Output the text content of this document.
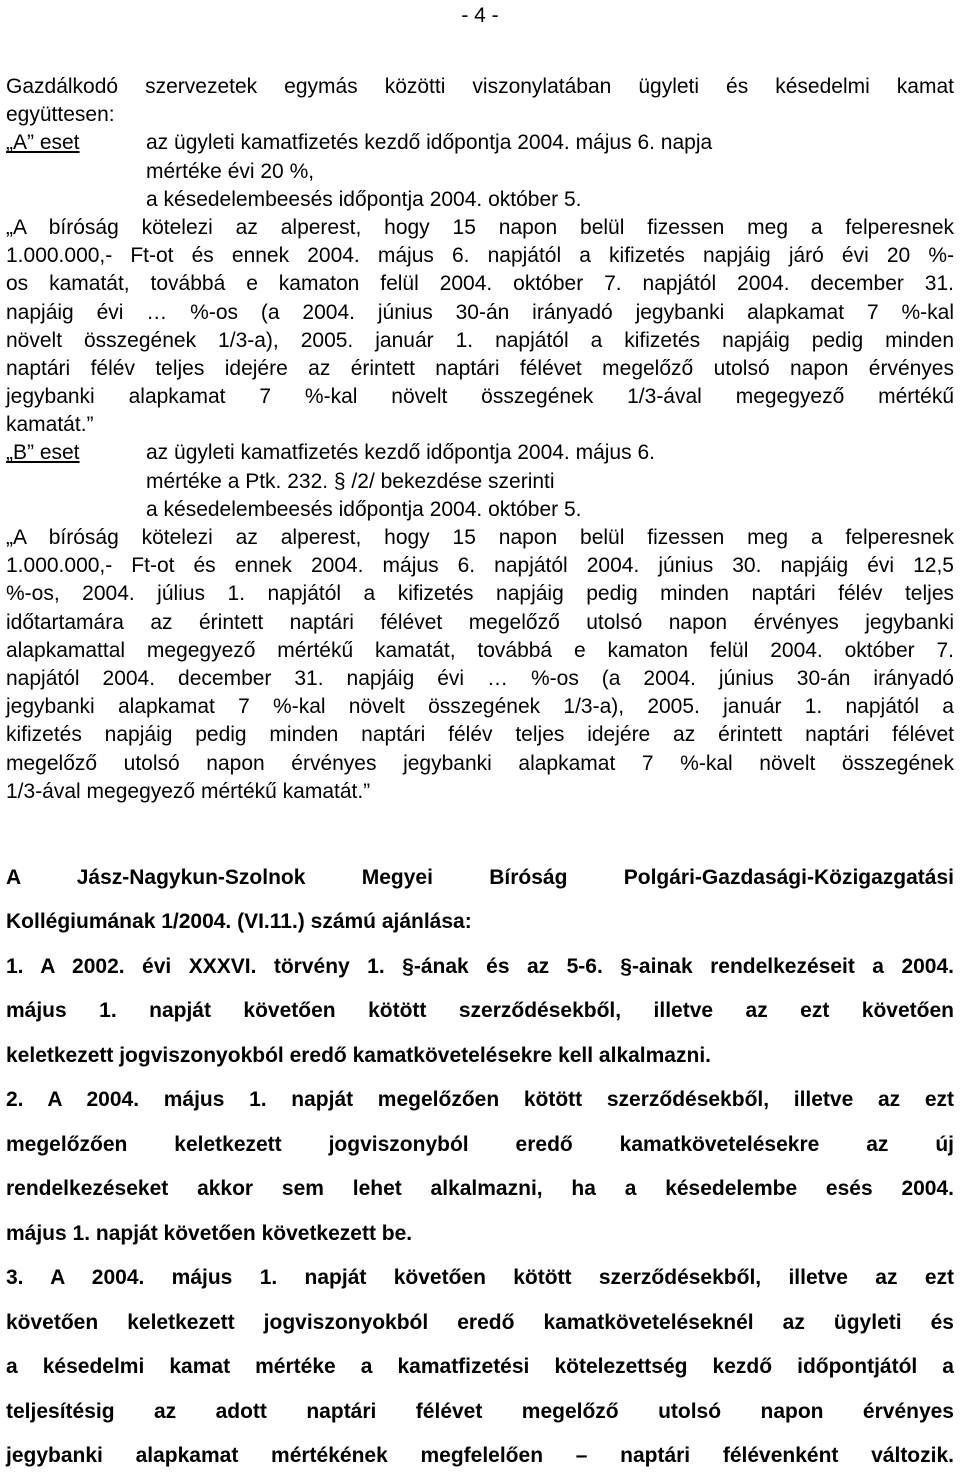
- 4 -
Gazdálkodó szervezetek egymás közötti viszonylatában ügyleti és késedelmi kamat
együttesen:
„A” eset	az ügyleti kamatfizetés kezdő időpontja 2004. május 6. napja
mértéke évi 20 %,
a késedelembeesés időpontja 2004. október 5.
„A bíróság kötelezi az alperest, hogy 15 napon belül fizessen meg a felperesnek
1.000.000,- Ft-ot és ennek 2004. május 6. napjától a kifizetés napjáig járó évi 20 %-
os kamatát, továbbá e kamaton felül 2004. október 7. napjától 2004. december 31.
napjáig évi … %-os (a 2004. június 30-án irányadó jegybanki alapkamat 7 %-kal
növelt összegének 1/3-a), 2005. január 1. napjától a kifizetés napjáig pedig minden
naptári félév teljes idejére az érintett naptári félévet megelőző utolsó napon érvényes
jegybanki alapkamat 7 %-kal növelt összegének 1/3-ával megegyező mértékű
kamatát.”
„B” eset	az ügyleti kamatfizetés kezdő időpontja 2004. május 6.
mértéke a Ptk. 232. § /2/ bekezdése szerinti
a késedelembeesés időpontja 2004. október 5.
„A bíróság kötelezi az alperest, hogy 15 napon belül fizessen meg a felperesnek
1.000.000,- Ft-ot és ennek 2004. május 6. napjától 2004. június 30. napjáig évi 12,5
%-os, 2004. július 1. napjától a kifizetés napjáig pedig minden naptári félév teljes
időtartamára az érintett naptári félévet megelőző utolsó napon érvényes jegybanki
alapkamattal megegyező mértékű kamatát, továbbá e kamaton felül 2004. október 7.
napjától 2004. december 31. napjáig évi … %-os (a 2004. június 30-án irányadó
jegybanki alapkamat 7 %-kal növelt összegének 1/3-a), 2005. január 1. napjától a
kifizetés napjáig pedig minden naptári félév teljes idejére az érintett naptári félévet
megelőző utolsó napon érvényes jegybanki alapkamat 7 %-kal növelt összegének
1/3-ával megegyező mértékű kamatát.”
A Jász-Nagykun-Szolnok Megyei Bíróság Polgári-Gazdasági-Közigazgatási
Kollégiumának 1/2004. (VI.11.) számú ajánlása:
1. A 2002. évi XXXVI. törvény 1. §-ának és az 5-6. §-ainak rendelkezéseit a 2004.
május 1. napját követően kötött szerződésekből, illetve az ezt követően
keletkezett jogviszonyokból eredő kamatkövetelésekre kell alkalmazni.
2. A 2004. május 1. napját megelőzően kötött szerződésekből, illetve az ezt
megelőzően keletkezett jogviszonyból eredő kamatkövetelésekre az új
rendelkezéseket akkor sem lehet alkalmazni, ha a késedelembe esés 2004.
május 1. napját követően következett be.
3. A 2004. május 1. napját követően kötött szerződésekből, illetve az ezt
követően keletkezett jogviszonyokból eredő kamatköveteléseknél az ügyleti és
a késedelmi kamat mértéke a kamatfizetési kötelezettség kezdő időpontjától a
teljesítésig az adott naptári félévet megelőző utolsó napon érvényes
jegybanki alapkamat mértékének megfelelően – naptári félévenként változik.
